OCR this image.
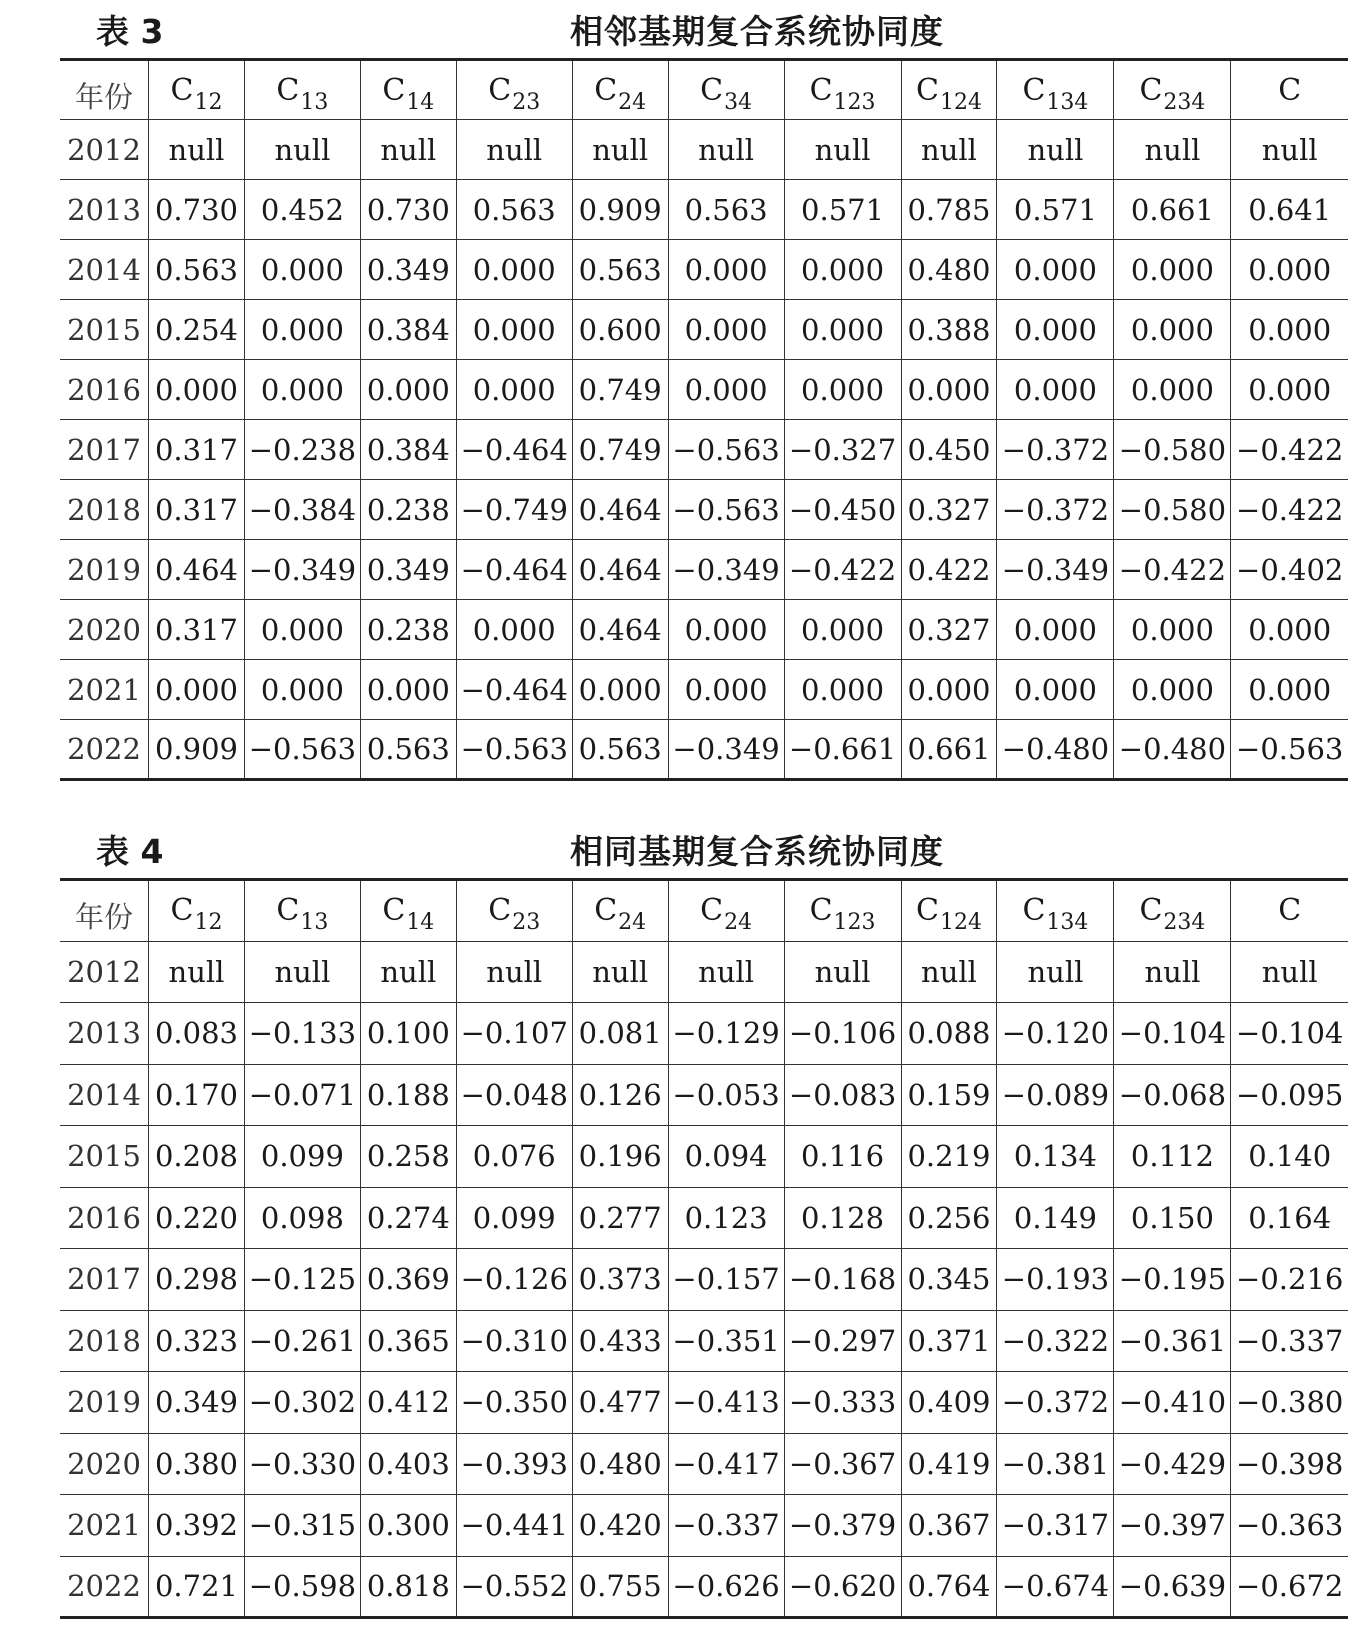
表 3	相邻基期复合系统协同度
年份	$C_{12}$	$C_{13}$	$C_{14}$	$C_{23}$	$C_{24}$	$C_{34}$	$C_{123}$	$C_{124}$	$C_{134}$	$C_{234}$	C
2012	null	null	null	null	null	null	null	null	null	null	null
2013	0.730	0.452	0.730	0.563	0.909	0.563	0.571	0.785	0.571	0.661	0.641
2014	0.563	0.000	0.349	0.000	0.563	0.000	0.000	0.480	0.000	0.000	0.000
2015	0.254	0.000	0.384	0.000	0.600	0.000	0.000	0.388	0.000	0.000	0.000
2016	0.000	0.000	0.000	0.000	0.749	0.000	0.000	0.000	0.000	0.000	0.000
2017	0.317	−0.238	0.384	−0.464	0.749	−0.563	−0.327	0.450	−0.372	−0.580	−0.422
2018	0.317	−0.384	0.238	−0.749	0.464	−0.563	−0.450	0.327	−0.372	−0.580	−0.422
2019	0.464	−0.349	0.349	−0.464	0.464	−0.349	−0.422	0.422	−0.349	−0.422	−0.402
2020	0.317	0.000	0.238	0.000	0.464	0.000	0.000	0.327	0.000	0.000	0.000
2021	0.000	0.000	0.000	−0.464	0.000	0.000	0.000	0.000	0.000	0.000	0.000
2022	0.909	−0.563	0.563	−0.563	0.563	−0.349	−0.661	0.661	−0.480	−0.480	−0.563
表 4	相同基期复合系统协同度
年份	$C_{12}$	$C_{13}$	$C_{14}$	$C_{23}$	$C_{24}$	$C_{24}$	$C_{123}$	$C_{124}$	$C_{134}$	$C_{234}$	C
2012	null	null	null	null	null	null	null	null	null	null	null
2013	0.083	−0.133	0.100	−0.107	0.081	−0.129	−0.106	0.088	−0.120	−0.104	−0.104
2014	0.170	−0.071	0.188	−0.048	0.126	−0.053	−0.083	0.159	−0.089	−0.068	−0.095
2015	0.208	0.099	0.258	0.076	0.196	0.094	0.116	0.219	0.134	0.112	0.140
2016	0.220	0.098	0.274	0.099	0.277	0.123	0.128	0.256	0.149	0.150	0.164
2017	0.298	−0.125	0.369	−0.126	0.373	−0.157	−0.168	0.345	−0.193	−0.195	−0.216
2018	0.323	−0.261	0.365	−0.310	0.433	−0.351	−0.297	0.371	−0.322	−0.361	−0.337
2019	0.349	−0.302	0.412	−0.350	0.477	−0.413	−0.333	0.409	−0.372	−0.410	−0.380
2020	0.380	−0.330	0.403	−0.393	0.480	−0.417	−0.367	0.419	−0.381	−0.429	−0.398
2021	0.392	−0.315	0.300	−0.441	0.420	−0.337	−0.379	0.367	−0.317	−0.397	−0.363
2022	0.721	−0.598	0.818	−0.552	0.755	−0.626	−0.620	0.764	−0.674	−0.639	−0.672
